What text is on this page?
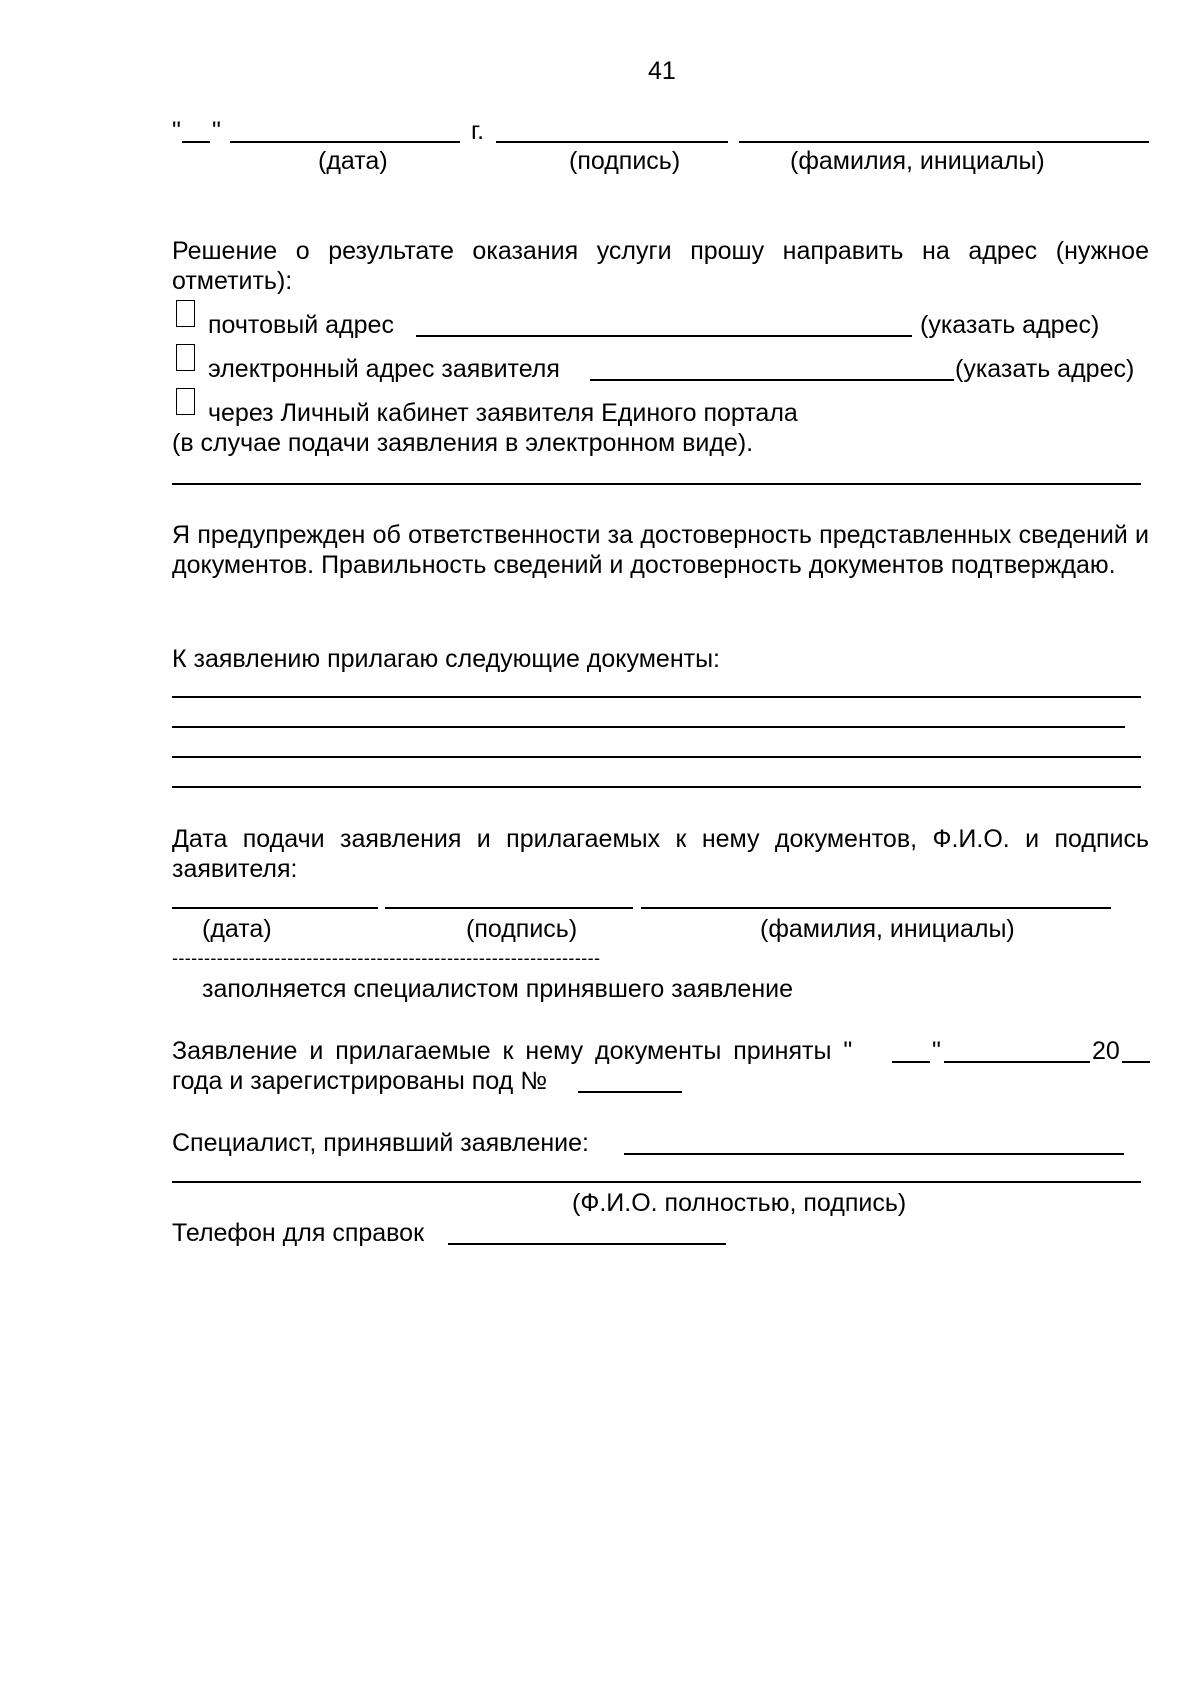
41
" "	г.
(дата)	(подпись)	(фамилия, инициалы)
Решение о результате оказания услуги прошу направить на адрес (нужное отметить):
почтовый адрес	(указать адрес)
электронный адрес заявителя	(указать адрес)
через Личный кабинет заявителя Единого портала
(в случае подачи заявления в электронном виде).
Я предупрежден об ответственности за достоверность представленных сведений и документов. Правильность сведений и достоверность документов подтверждаю.
К заявлению прилагаю следующие документы:
Дата подачи заявления и прилагаемых к нему документов, Ф.И.О. и подпись заявителя:
(дата)	(подпись)	(фамилия, инициалы)
-------------------------------------------------------------------
заполняется специалистом принявшего заявление
Заявление и прилагаемые к нему документы приняты "	"	20
года и зарегистрированы под №
Специалист, принявший заявление:
(Ф.И.О. полностью, подпись)
Телефон для справок
